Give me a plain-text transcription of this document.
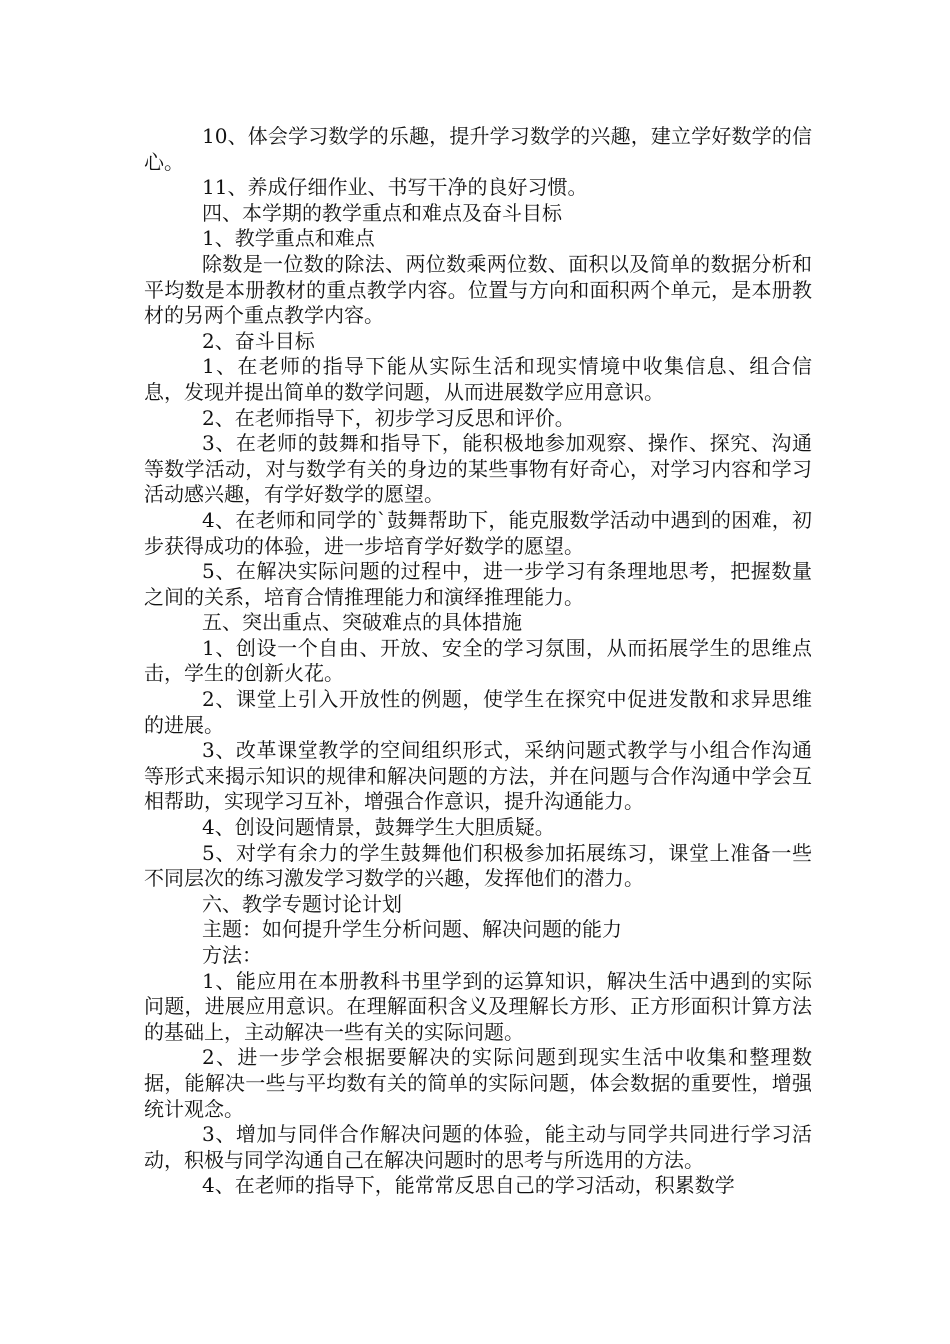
10、体会学习数学的乐趣，提升学习数学的兴趣，建立学好数学的信心。

11、养成仔细作业、书写干净的良好习惯。

四、本学期的教学重点和难点及奋斗目标

1、教学重点和难点

除数是一位数的除法、两位数乘两位数、面积以及简单的数据分析和平均数是本册教材的重点教学内容。位置与方向和面积两个单元，是本册教材的另两个重点教学内容。

2、奋斗目标

1、在老师的指导下能从实际生活和现实情境中收集信息、组合信息，发现并提出简单的数学问题，从而进展数学应用意识。

2、在老师指导下，初步学习反思和评价。

3、在老师的鼓舞和指导下，能积极地参加观察、操作、探究、沟通等数学活动，对与数学有关的身边的某些事物有好奇心，对学习内容和学习活动感兴趣，有学好数学的愿望。

4、在老师和同学的`鼓舞帮助下，能克服数学活动中遇到的困难，初步获得成功的体验，进一步培育学好数学的愿望。

5、在解决实际问题的过程中，进一步学习有条理地思考，把握数量之间的关系，培育合情推理能力和演绎推理能力。

五、突出重点、突破难点的具体措施

1、创设一个自由、开放、安全的学习氛围，从而拓展学生的思维点击，学生的创新火花。

2、课堂上引入开放性的例题，使学生在探究中促进发散和求异思维的进展。

3、改革课堂教学的空间组织形式，采纳问题式教学与小组合作沟通等形式来揭示知识的规律和解决问题的方法，并在问题与合作沟通中学会互相帮助，实现学习互补，增强合作意识，提升沟通能力。

4、创设问题情景，鼓舞学生大胆质疑。

5、对学有余力的学生鼓舞他们积极参加拓展练习，课堂上准备一些不同层次的练习激发学习数学的兴趣，发挥他们的潜力。

六、教学专题讨论计划

主题：如何提升学生分析问题、解决问题的能力

方法：

1、能应用在本册教科书里学到的运算知识，解决生活中遇到的实际问题，进展应用意识。在理解面积含义及理解长方形、正方形面积计算方法的基础上，主动解决一些有关的实际问题。

2、进一步学会根据要解决的实际问题到现实生活中收集和整理数据，能解决一些与平均数有关的简单的实际问题，体会数据的重要性，增强统计观念。

3、增加与同伴合作解决问题的体验，能主动与同学共同进行学习活动，积极与同学沟通自己在解决问题时的思考与所选用的方法。

4、在老师的指导下，能常常反思自己的学习活动，积累数学
